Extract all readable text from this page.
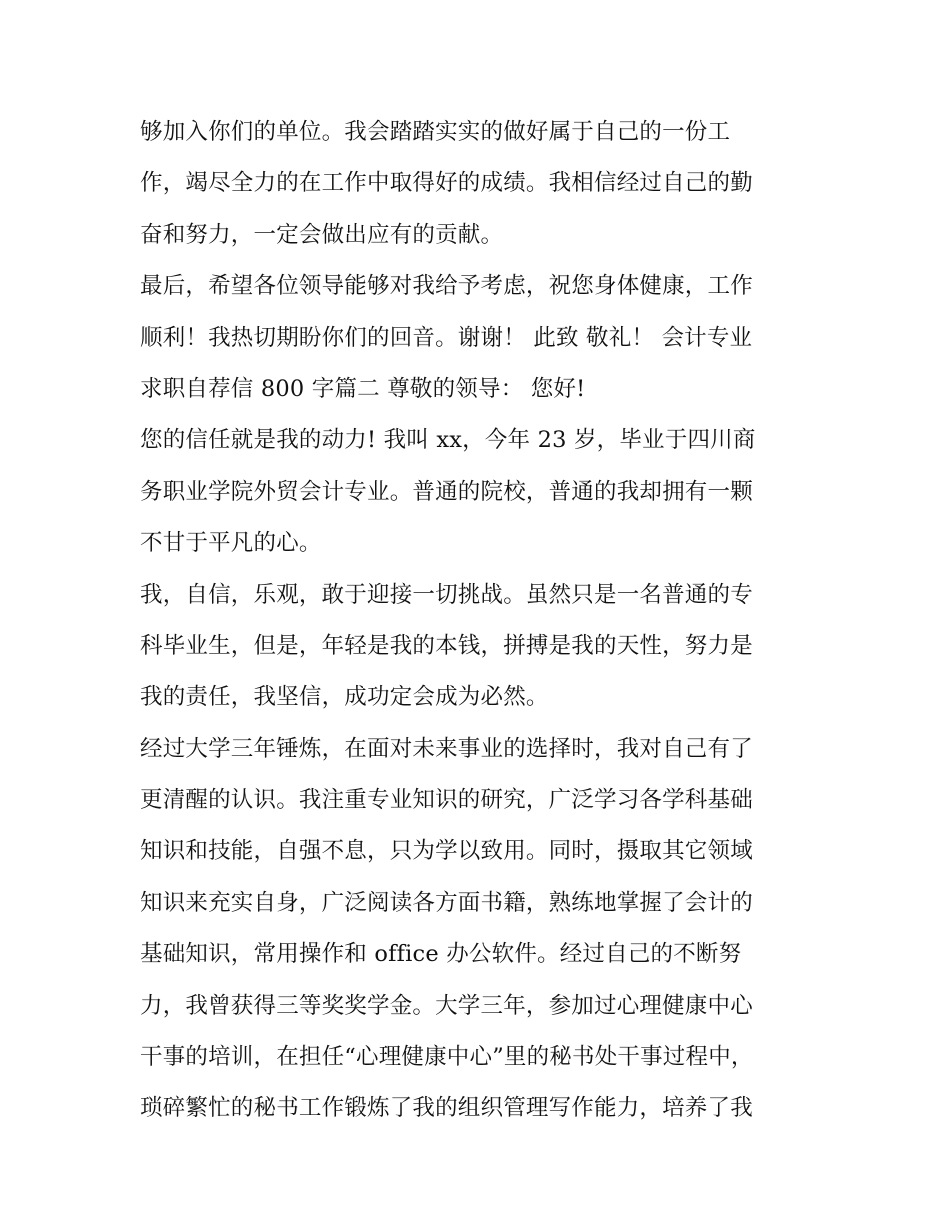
够加入你们的单位。我会踏踏实实的做好属于自己的一份工
作，竭尽全力的在工作中取得好的成绩。我相信经过自己的勤
奋和努力，一定会做出应有的贡献。
最后，希望各位领导能够对我给予考虑，祝您身体健康，工作
顺利！我热切期盼你们的回音。谢谢！ 此致 敬礼！ 会计专业
求职自荐信 800 字篇二 尊敬的领导： 您好!
您的信任就是我的动力! 我叫 xx，今年 23 岁，毕业于四川商
务职业学院外贸会计专业。普通的院校，普通的我却拥有一颗
不甘于平凡的心。
我，自信，乐观，敢于迎接一切挑战。虽然只是一名普通的专
科毕业生，但是，年轻是我的本钱，拼搏是我的天性，努力是
我的责任，我坚信，成功定会成为必然。
经过大学三年锤炼，在面对未来事业的选择时，我对自己有了
更清醒的认识。我注重专业知识的研究，广泛学习各学科基础
知识和技能，自强不息，只为学以致用。同时，摄取其它领域
知识来充实自身，广泛阅读各方面书籍，熟练地掌握了会计的
基础知识，常用操作和 office 办公软件。经过自己的不断努
力，我曾获得三等奖奖学金。大学三年，参加过心理健康中心
干事的培训，在担任“心理健康中心”里的秘书处干事过程中，
琐碎繁忙的秘书工作锻炼了我的组织管理写作能力，培养了我
